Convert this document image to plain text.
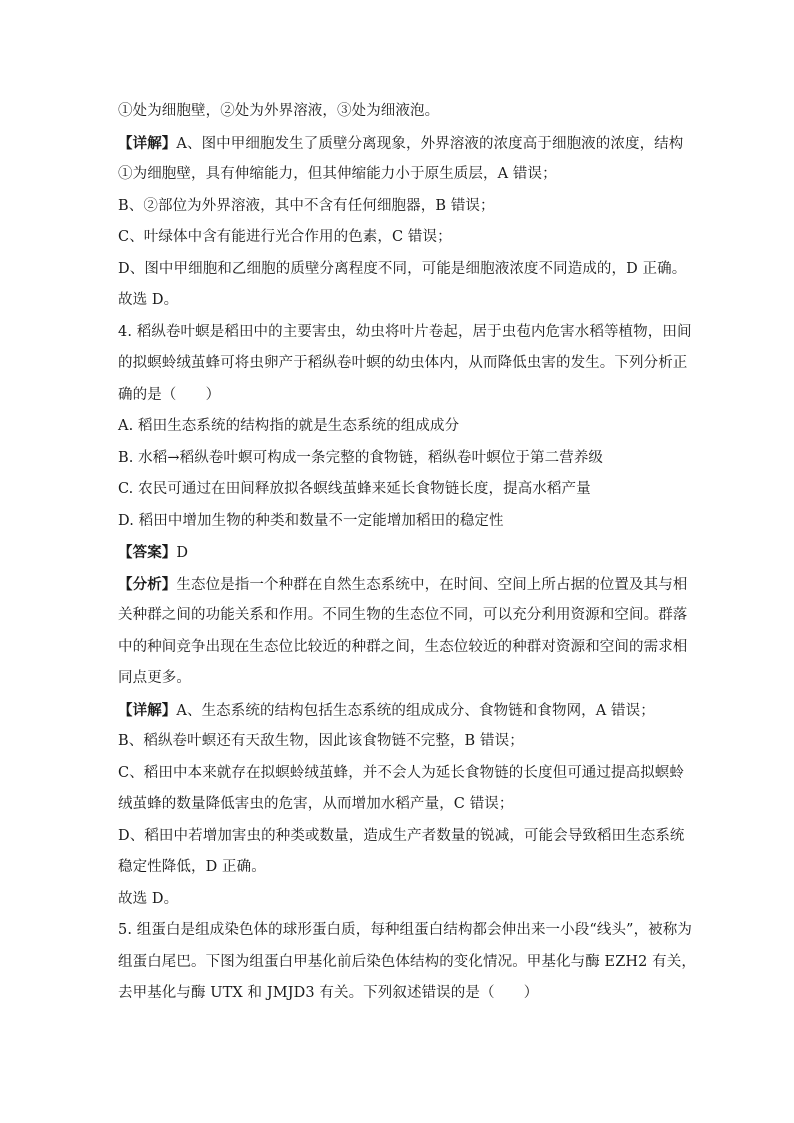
①处为细胞壁，②处为外界溶液，③处为细液泡。
【详解】A、图中甲细胞发生了质壁分离现象，外界溶液的浓度高于细胞液的浓度，结构
①为细胞壁，具有伸缩能力，但其伸缩能力小于原生质层，A 错误；
B、②部位为外界溶液，其中不含有任何细胞器，B 错误；
C、叶绿体中含有能进行光合作用的色素，C 错误；
D、图中甲细胞和乙细胞的质壁分离程度不同，可能是细胞液浓度不同造成的，D 正确。
故选 D。
4. 稻纵卷叶螟是稻田中的主要害虫，幼虫将叶片卷起，居于虫苞内危害水稻等植物，田间
的拟螟蛉绒茧蜂可将虫卵产于稻纵卷叶螟的幼虫体内，从而降低虫害的发生。下列分析正
确的是（　　）
A. 稻田生态系统的结构指的就是生态系统的组成成分
B. 水稻→稻纵卷叶螟可构成一条完整的食物链，稻纵卷叶螟位于第二营养级
C. 农民可通过在田间释放拟各螟线茧蜂来延长食物链长度，提高水稻产量
D. 稻田中增加生物的种类和数量不一定能增加稻田的稳定性
【答案】D
【分析】生态位是指一个种群在自然生态系统中，在时间、空间上所占据的位置及其与相
关种群之间的功能关系和作用。不同生物的生态位不同，可以充分利用资源和空间。群落
中的种间竞争出现在生态位比较近的种群之间，生态位较近的种群对资源和空间的需求相
同点更多。
【详解】A、生态系统的结构包括生态系统的组成成分、食物链和食物网，A 错误；
B、稻纵卷叶螟还有天敌生物，因此该食物链不完整，B 错误；
C、稻田中本来就存在拟螟蛉绒茧蜂，并不会人为延长食物链的长度但可通过提高拟螟蛉
绒茧蜂的数量降低害虫的危害，从而增加水稻产量，C 错误；
D、稻田中若增加害虫的种类或数量，造成生产者数量的锐减，可能会导致稻田生态系统
稳定性降低，D 正确。
故选 D。
5. 组蛋白是组成染色体的球形蛋白质，每种组蛋白结构都会伸出来一小段“线头”，被称为
组蛋白尾巴。下图为组蛋白甲基化前后染色体结构的变化情况。甲基化与酶 EZH2 有关，
去甲基化与酶 UTX 和 JMJD3 有关。下列叙述错误的是（　　）
